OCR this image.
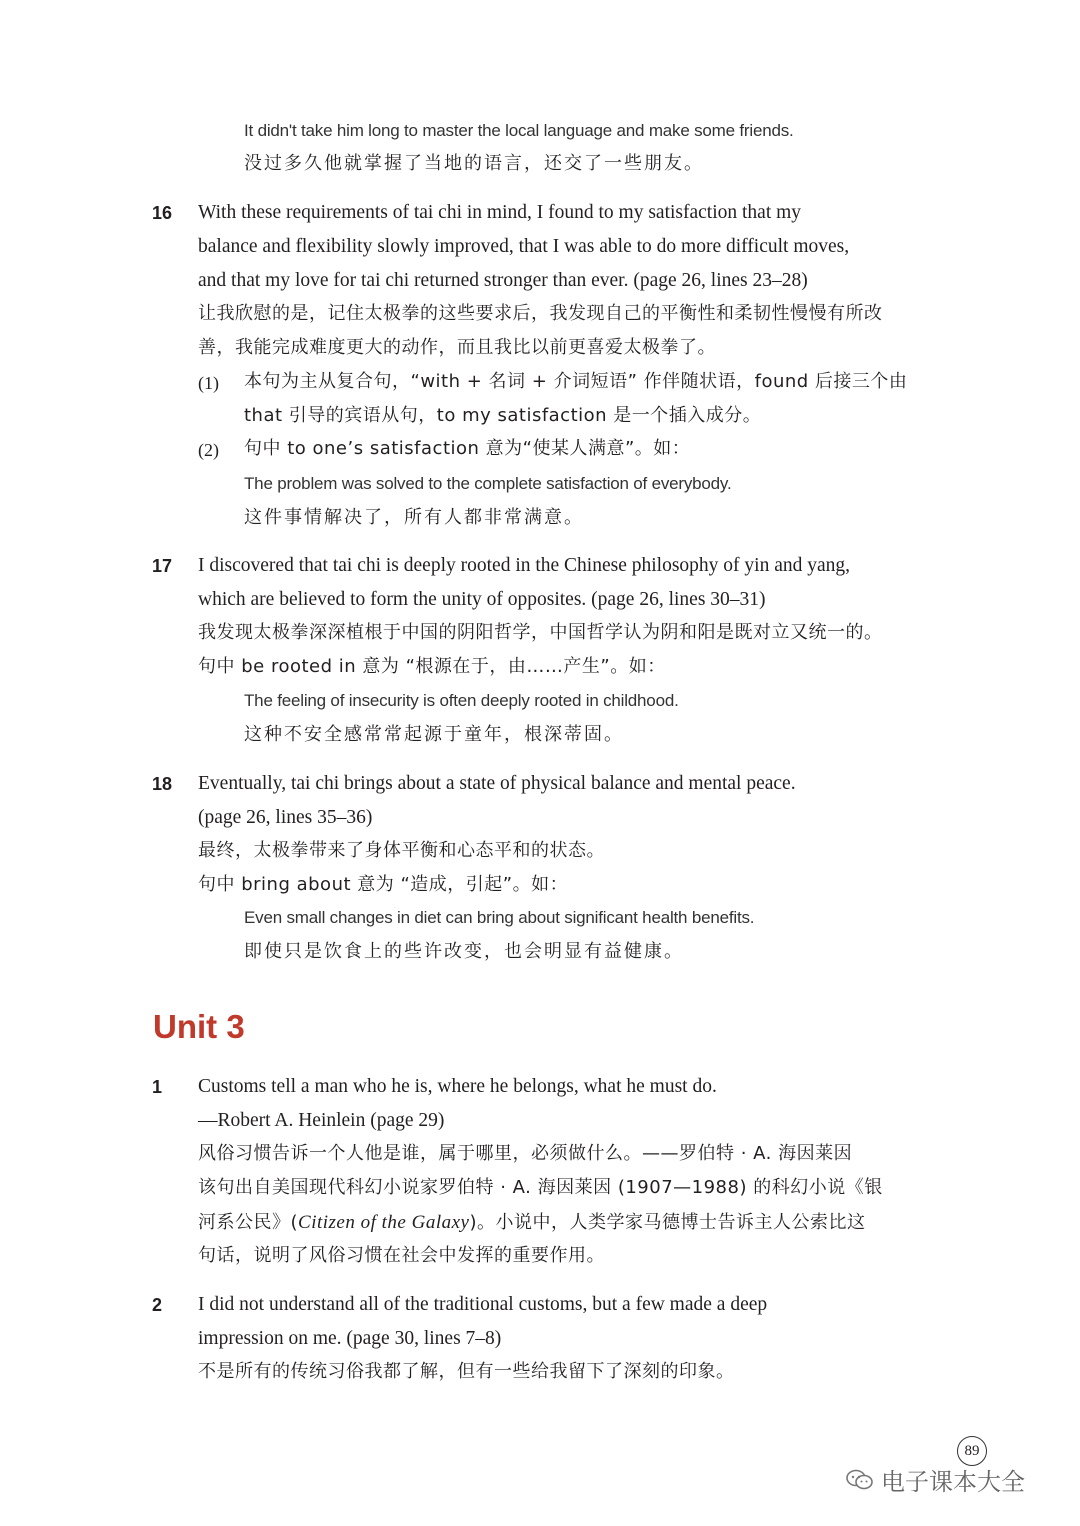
It didn't take him long to master the local language and make some friends.
没过多久他就掌握了当地的语言，还交了一些朋友。
16 With these requirements of tai chi in mind, I found to my satisfaction that my
balance and flexibility slowly improved, that I was able to do more difficult moves,
and that my love for tai chi returned stronger than ever. (page 26, lines 23–28)
让我欣慰的是，记住太极拳的这些要求后，我发现自己的平衡性和柔韧性慢慢有所改
善，我能完成难度更大的动作，而且我比以前更喜爱太极拳了。
(1) 本句为主从复合句，“with + 名词 + 介词短语” 作伴随状语，found 后接三个由
that 引导的宾语从句，to my satisfaction 是一个插入成分。
(2) 句中 to one’s satisfaction 意为“使某人满意”。如：
The problem was solved to the complete satisfaction of everybody.
这件事情解决了，所有人都非常满意。
17 I discovered that tai chi is deeply rooted in the Chinese philosophy of yin and yang,
which are believed to form the unity of opposites. (page 26, lines 30–31)
我发现太极拳深深植根于中国的阴阳哲学，中国哲学认为阴和阳是既对立又统一的。
句中 be rooted in 意为 “根源在于，由……产生”。如：
The feeling of insecurity is often deeply rooted in childhood.
这种不安全感常常起源于童年，根深蒂固。
18 Eventually, tai chi brings about a state of physical balance and mental peace.
(page 26, lines 35–36)
最终，太极拳带来了身体平衡和心态平和的状态。
句中 bring about 意为 “造成，引起”。如：
Even small changes in diet can bring about significant health benefits.
即使只是饮食上的些许改变，也会明显有益健康。
Unit 3
1 Customs tell a man who he is, where he belongs, what he must do.
—Robert A. Heinlein (page 29)
风俗习惯告诉一个人他是谁，属于哪里，必须做什么。——罗伯特 · A. 海因莱因
该句出自美国现代科幻小说家罗伯特 · A. 海因莱因 (1907—1988) 的科幻小说《银
河系公民》(Citizen of the Galaxy)。小说中，人类学家马德博士告诉主人公索比这
句话，说明了风俗习惯在社会中发挥的重要作用。
2 I did not understand all of the traditional customs, but a few made a deep
impression on me. (page 30, lines 7–8)
不是所有的传统习俗我都了解，但有一些给我留下了深刻的印象。
89
电子课本大全
